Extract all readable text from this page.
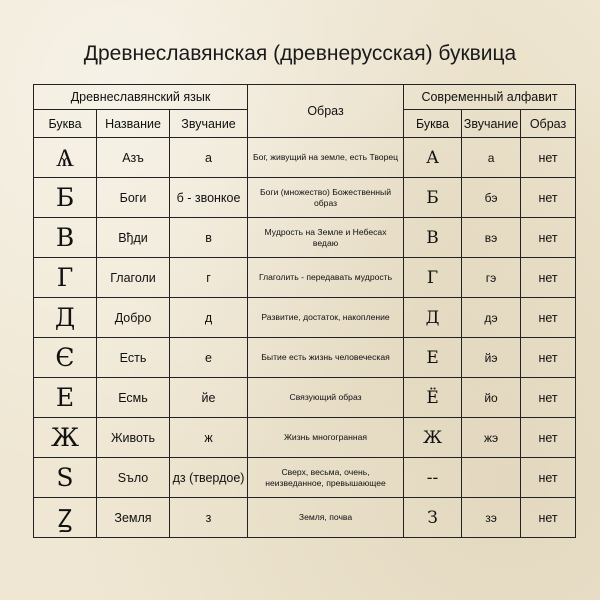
Древнеславянская (древнерусская) буквица
Древнеславянский язык			Образ	Современный алфавит		
Буква	Название	Звучание		Буква	Звучание	Образ
Ѧ	Азъ	а	Бог, живущий на земле, есть Творец	А	а	нет
Б	Боги	б - звонкое	Боги (множество) Божественный образ	Б	бэ	нет
В	Вђди	в	Мудрость на Земле и Небесах ведаю	В	вэ	нет
Г	Глаголи	г	Глаголить - передавать мудрость	Г	гэ	нет
Д	Добро	д	Развитие, достаток, накопление	Д	дэ	нет
Є	Есть	е	Бытие есть жизнь человеческая	Е	йэ	нет
Е	Есмь	йе	Связующий образ	Ё	йо	нет
Ж	Животь	ж	Жизнь многогранная	Ж	жэ	нет
Ѕ	Ѕъло	дз (твердое)	Сверх, весьма, очень, неизведанное, превышающее	--		нет
Ꙁ	Земля	з	Земля, почва	З	зэ	нет
